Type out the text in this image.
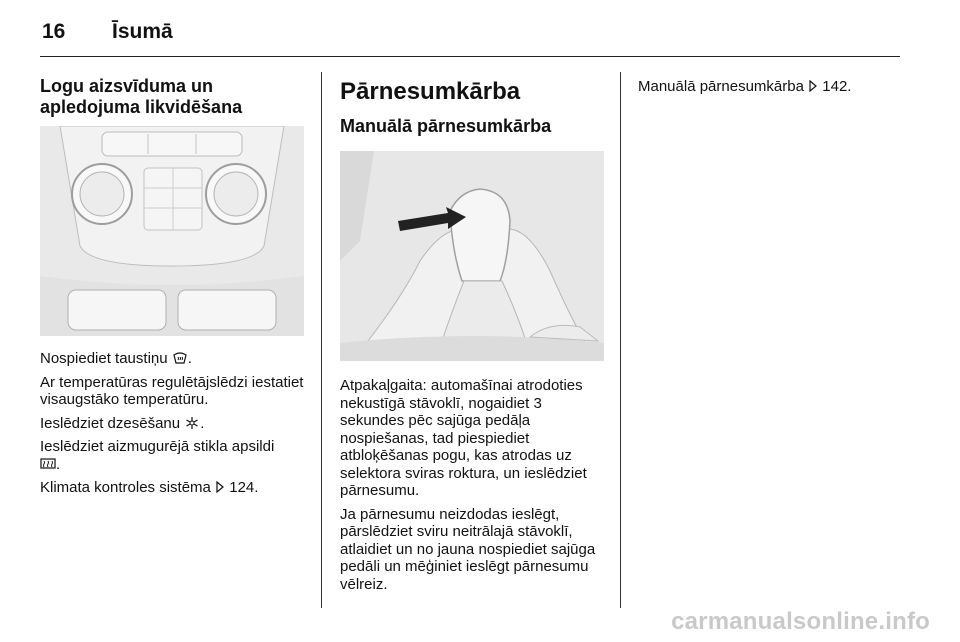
16 Īsumā
Logu aizsvīduma un apledojuma likvidēšana

Nospiediet taustiņu .

Ar temperatūras regulētājslēdzi iestatiet visaugstāko temperatūru.

Ieslēdziet dzesēšanu .

Ieslēdziet aizmugurējā stikla apsildi
.

Klimata kontroles sistēma 124.

Pārnesumkārba
Manuālā pārnesumkārba

Atpakaļgaita: automašīnai atrodoties nekustīgā stāvoklī, nogaidiet 3 sekundes pēc sajūga pedāļa nospiešanas, tad piespiediet atbloķēšanas pogu, kas atrodas uz selektora sviras roktura, un ieslēdziet pārnesumu.

Ja pārnesumu neizdodas ieslēgt, pārslēdziet sviru neitrālajā stāvoklī, atlaidiet un no jauna nospiediet sajūga pedāli un mēģiniet ieslēgt pārnesumu vēlreiz.

Manuālā pārnesumkārba 142.

carmanualsonline.info
